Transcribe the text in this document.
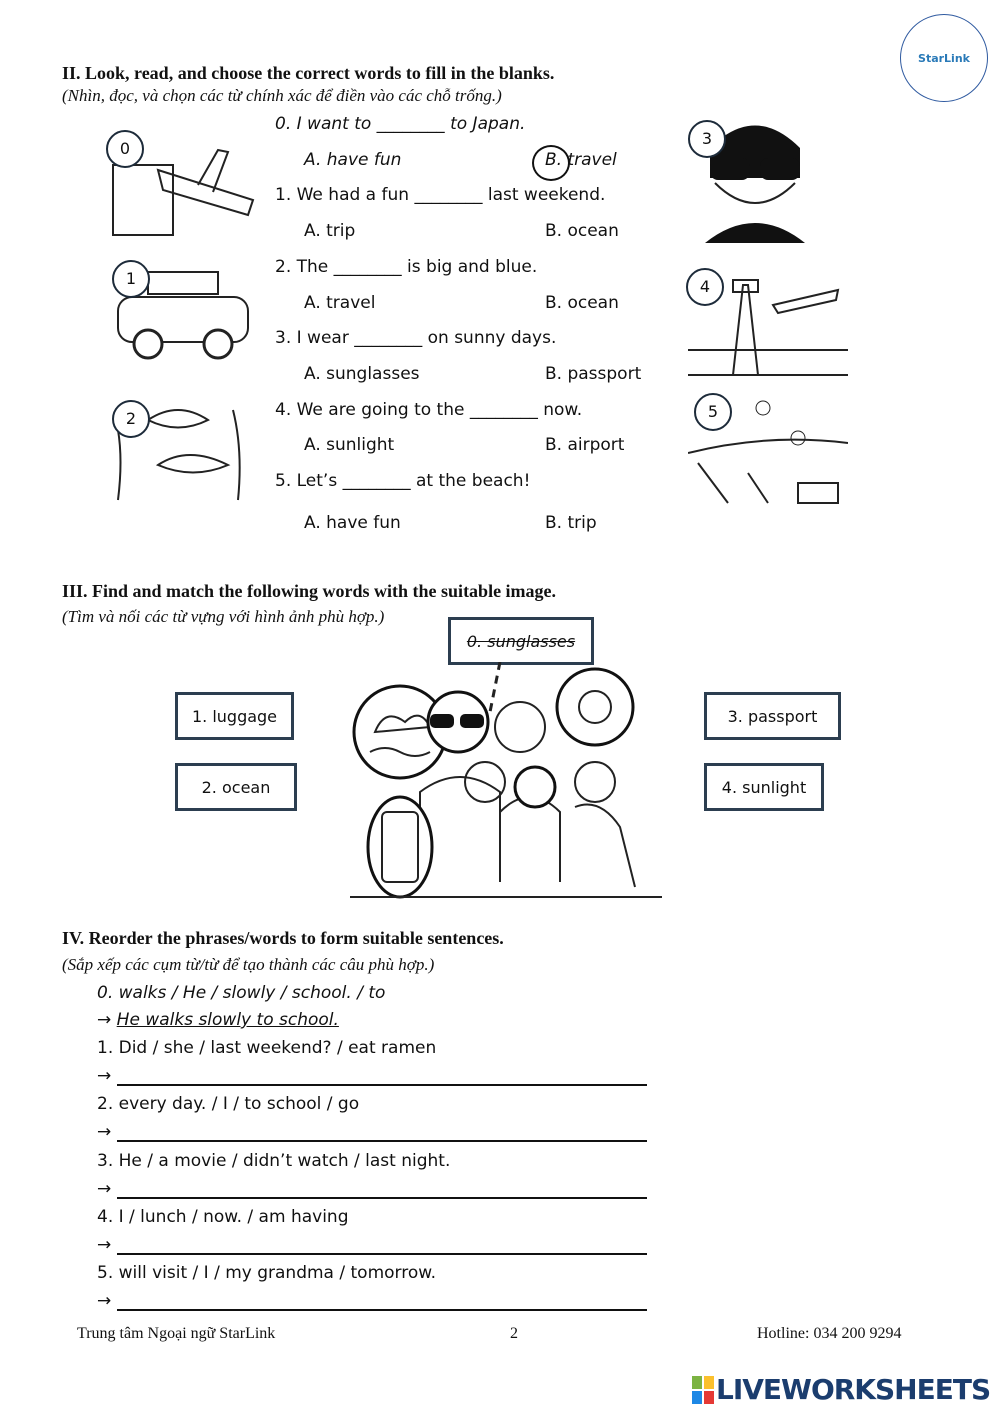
StarLink
II. Look, read, and choose the correct words to fill in the blanks.
(Nhìn, đọc, và chọn các từ chính xác để điền vào các chỗ trống.)
0. I want to ________ to Japan.
A. have fun	B. travel
1. We had a fun ________ last weekend.
A. trip	B. ocean
2. The ________ is big and blue.
A. travel	B. ocean
3. I wear ________ on sunny days.
A. sunglasses	B. passport
4. We are going to the ________ now.
A. sunlight	B. airport
5. Let’s ________ at the beach!
A. have fun	B. trip
0
1
2
3
4
5
III. Find and match the following words with the suitable image.
(Tìm và nối các từ vựng với hình ảnh phù hợp.)
0. sunglasses
1. luggage
2. ocean
3. passport
4. sunlight
IV. Reorder the phrases/words to form suitable sentences.
(Sắp xếp các cụm từ/từ để tạo thành các câu phù hợp.)
0. walks / He / slowly / school. / to
→ He walks slowly to school.
1. Did / she / last weekend? / eat ramen
→
2. every day. / I / to school / go
→
3. He / a movie / didn’t watch / last night.
→
4. I / lunch / now. / am having
→
5. will visit / I / my grandma / tomorrow.
→
Trung tâm Ngoại ngữ StarLink	2	Hotline: 034 200 9294
LIVEWORKSHEETS
